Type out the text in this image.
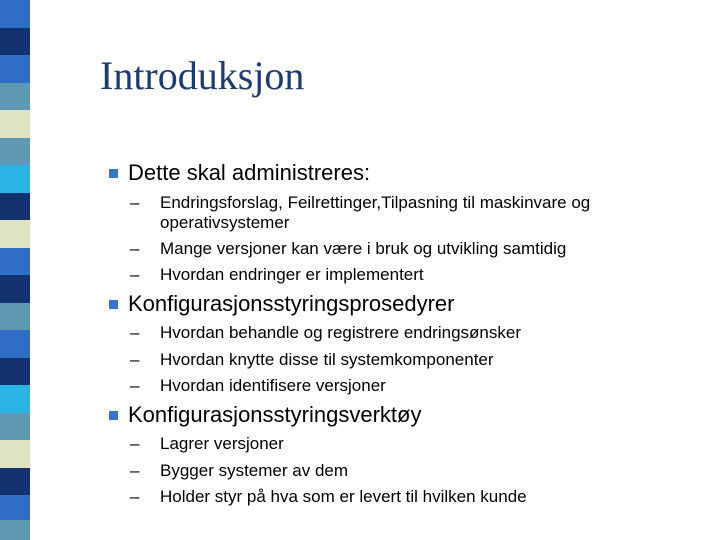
Introduksjon
Dette skal administreres:
– Endringsforslag, Feilrettinger,Tilpasning til maskinvare og operativsystemer
– Mange versjoner kan være i bruk og utvikling samtidig
– Hvordan endringer er implementert
Konfigurasjonsstyringsprosedyrer
– Hvordan behandle og registrere endringsønsker
– Hvordan knytte disse til systemkomponenter
– Hvordan identifisere versjoner
Konfigurasjonsstyringsverktøy
– Lagrer versjoner
– Bygger systemer av dem
– Holder styr på hva som er levert til hvilken kunde
